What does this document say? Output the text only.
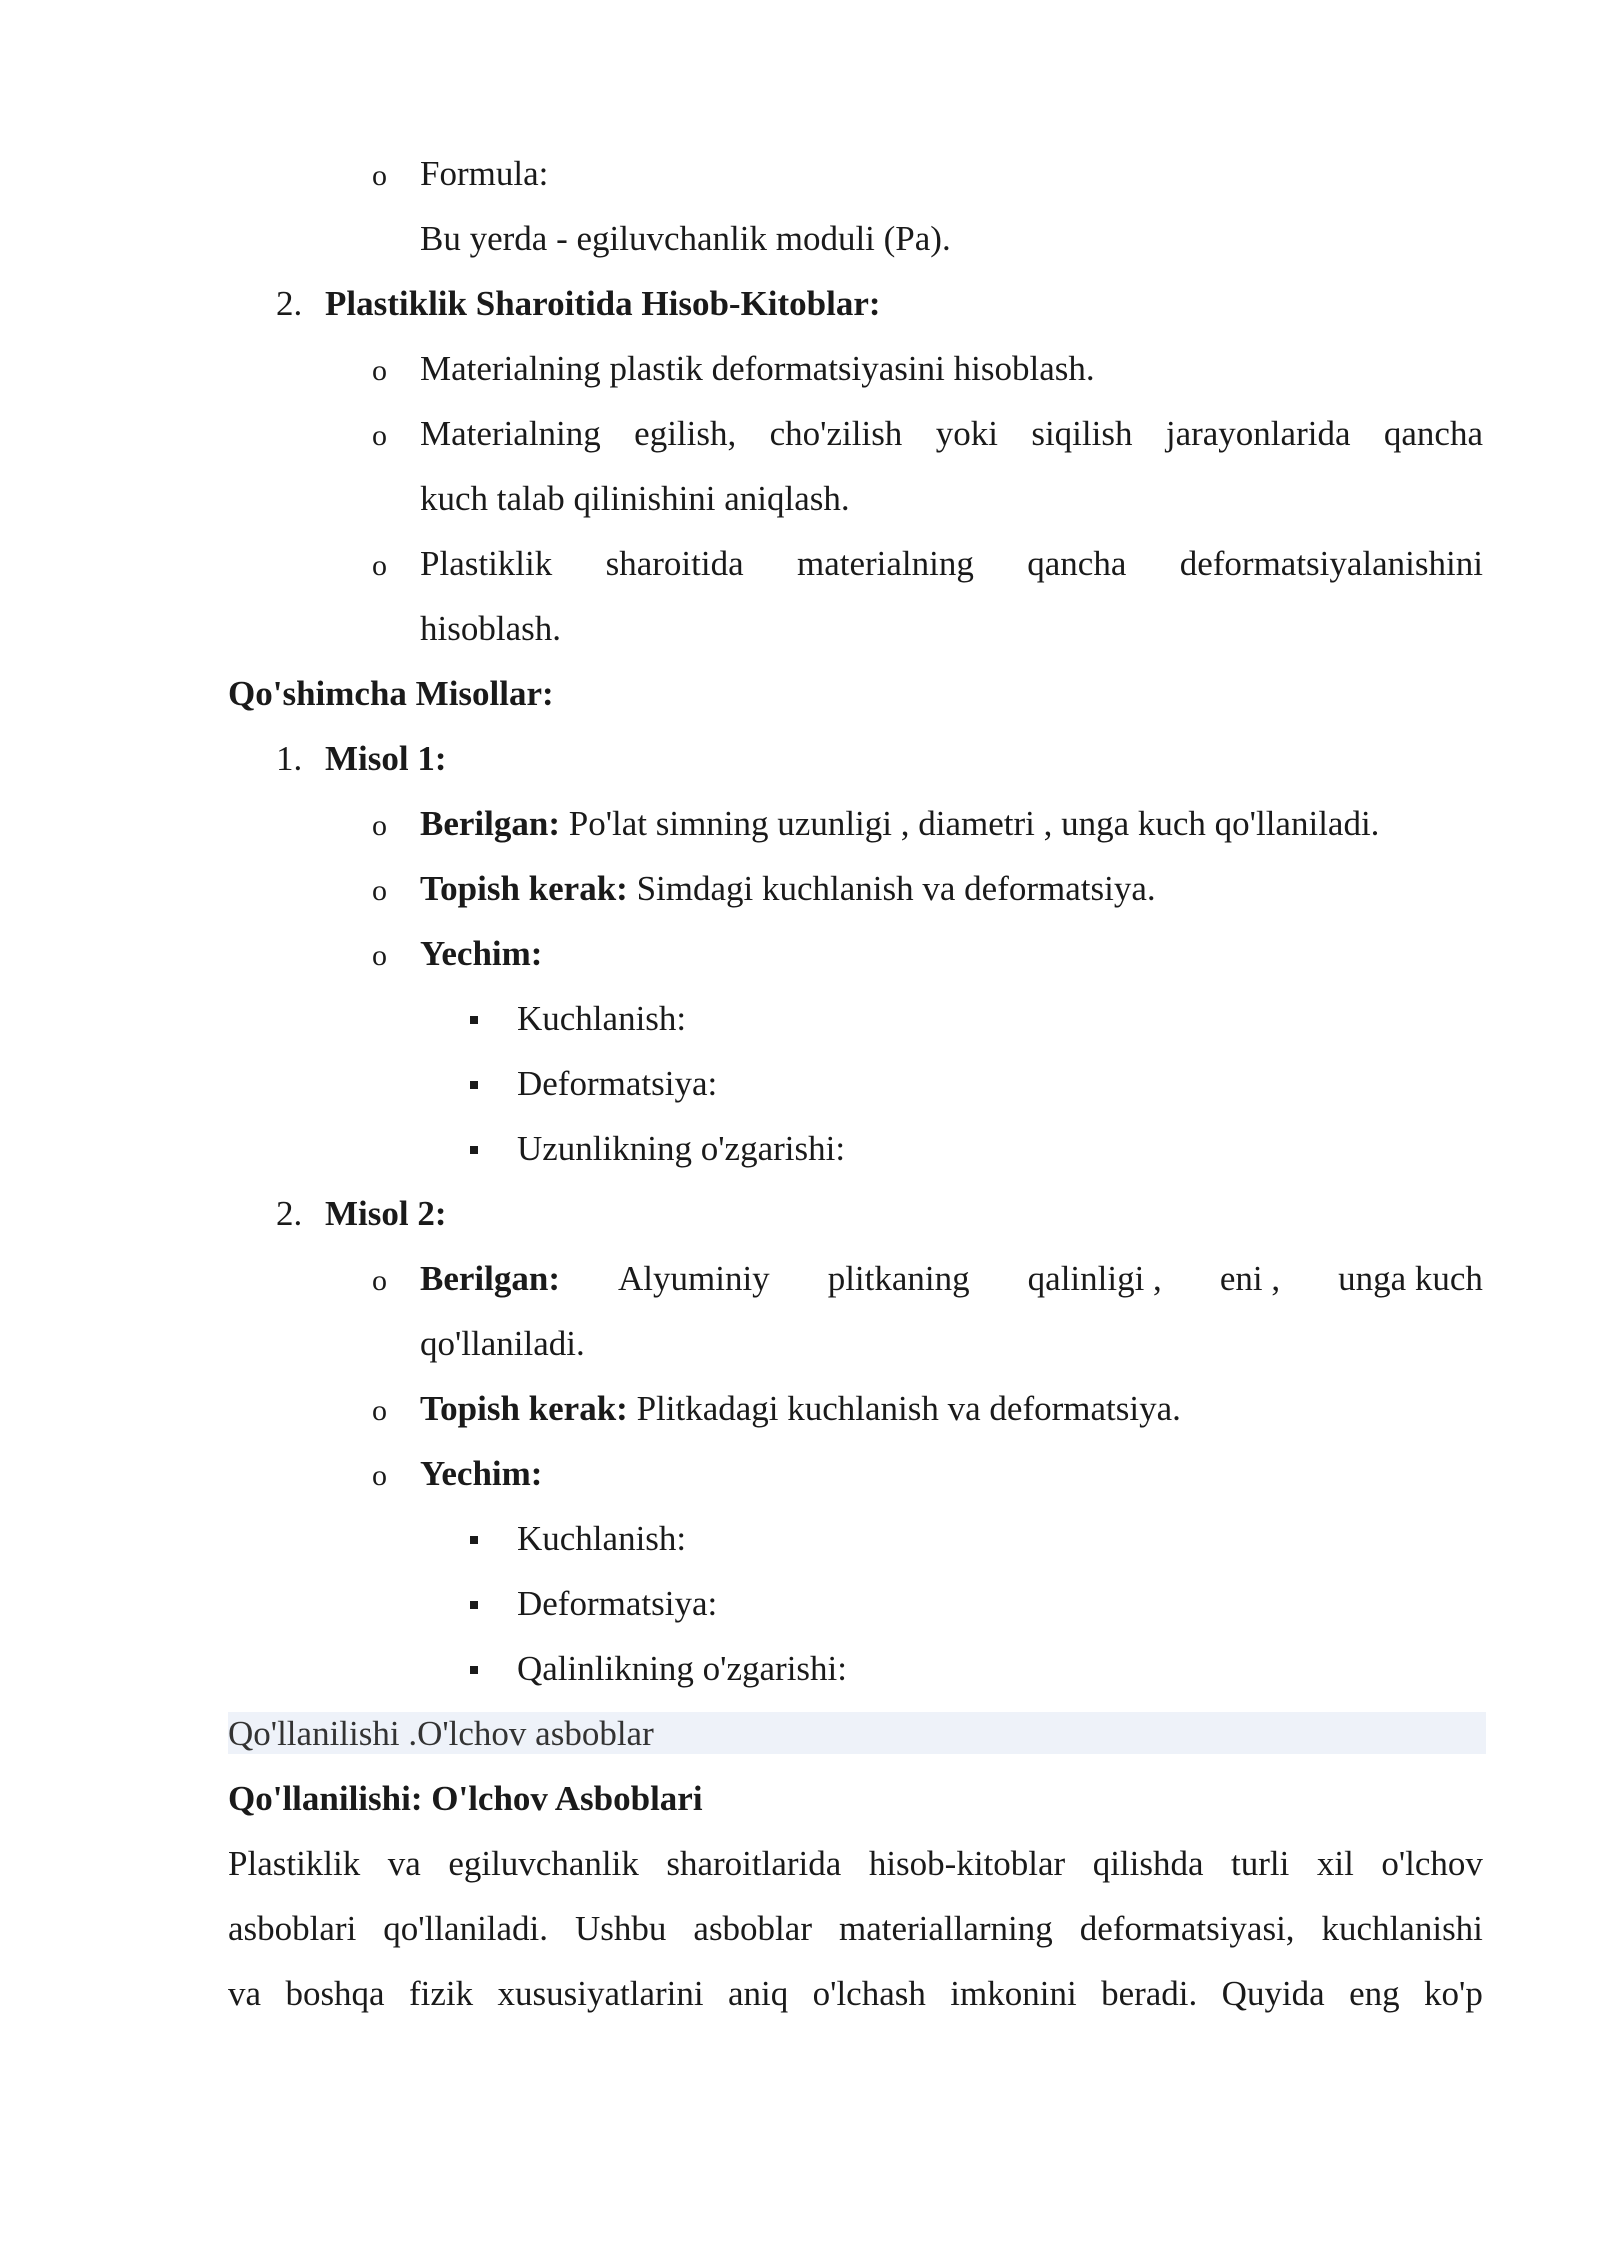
o Formula:
Bu yerda - egiluvchanlik moduli (Pa).
2. Plastiklik Sharoitida Hisob-Kitoblar:
o Materialning plastik deformatsiyasini hisoblash.
o Materialning egilish, cho'zilish yoki siqilish jarayonlarida qancha
kuch talab qilinishini aniqlash.
o Plastiklik sharoitida materialning qancha deformatsiyalanishini
hisoblash.
Qo'shimcha Misollar:
1. Misol 1:
o Berilgan: Po'lat simning uzunligi , diametri , unga kuch qo'llaniladi.
o Topish kerak: Simdagi kuchlanish va deformatsiya.
o Yechim:
Kuchlanish:
Deformatsiya:
Uzunlikning o'zgarishi:
2. Misol 2:
o Berilgan: Alyuminiy plitkaning qalinligi , eni , unga kuch
qo'llaniladi.
o Topish kerak: Plitkadagi kuchlanish va deformatsiya.
o Yechim:
Kuchlanish:
Deformatsiya:
Qalinlikning o'zgarishi:
Qo'llanilishi .O'lchov asboblar
Qo'llanilishi: O'lchov Asboblari
Plastiklik va egiluvchanlik sharoitlarida hisob-kitoblar qilishda turli xil o'lchov
asboblari qo'llaniladi. Ushbu asboblar materiallarning deformatsiyasi, kuchlanishi
va boshqa fizik xususiyatlarini aniq o'lchash imkonini beradi. Quyida eng ko'p
